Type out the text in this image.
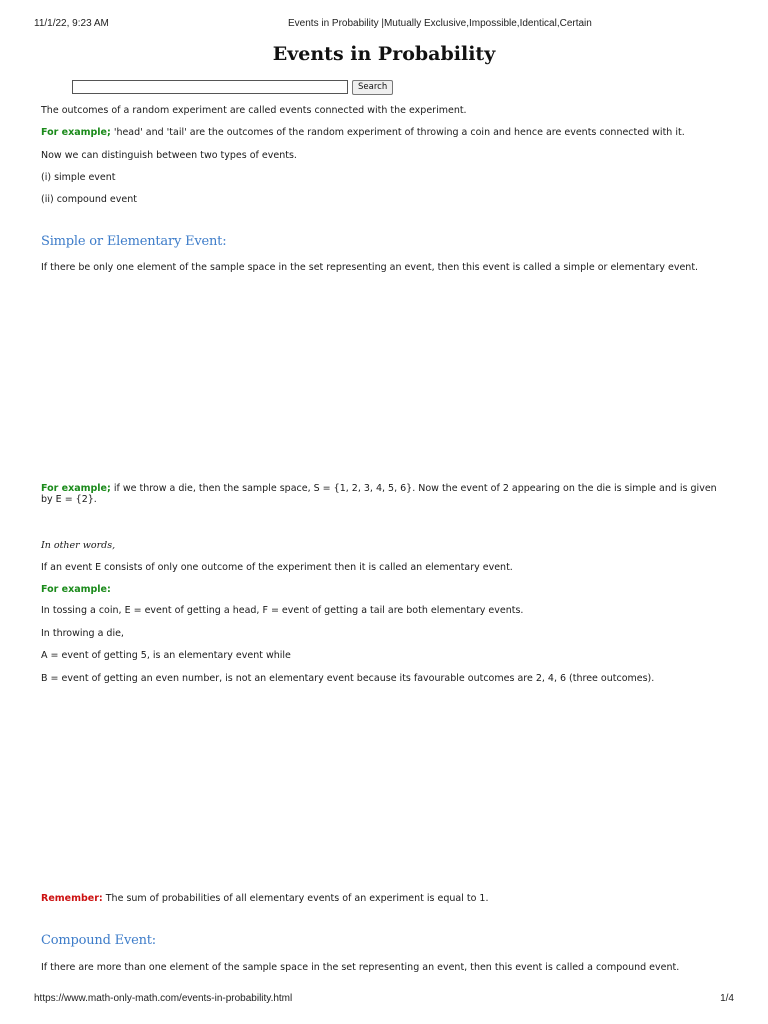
11/1/22, 9:23 AM	Events in Probability |Mutually Exclusive,Impossible,Identical,Certain
Events in Probability
Search

The outcomes of a random experiment are called events connected with the experiment.

For example; 'head' and 'tail' are the outcomes of the random experiment of throwing a coin and hence are events connected with it.

Now we can distinguish between two types of events.

(i) simple event

(ii) compound event

Simple or Elementary Event:

If there be only one element of the sample space in the set representing an event, then this event is called a simple or elementary event.

For example; if we throw a die, then the sample space, S = {1, 2, 3, 4, 5, 6}. Now the event of 2 appearing on the die is simple and is given by E = {2}.

In other words,

If an event E consists of only one outcome of the experiment then it is called an elementary event.

For example:

In tossing a coin, E = event of getting a head, F = event of getting a tail are both elementary events.

In throwing a die,

A = event of getting 5, is an elementary event while

B = event of getting an even number, is not an elementary event because its favourable outcomes are 2, 4, 6 (three outcomes).

Remember: The sum of probabilities of all elementary events of an experiment is equal to 1.

Compound Event:

If there are more than one element of the sample space in the set representing an event, then this event is called a compound event.

https://www.math-only-math.com/events-in-probability.html	1/4
